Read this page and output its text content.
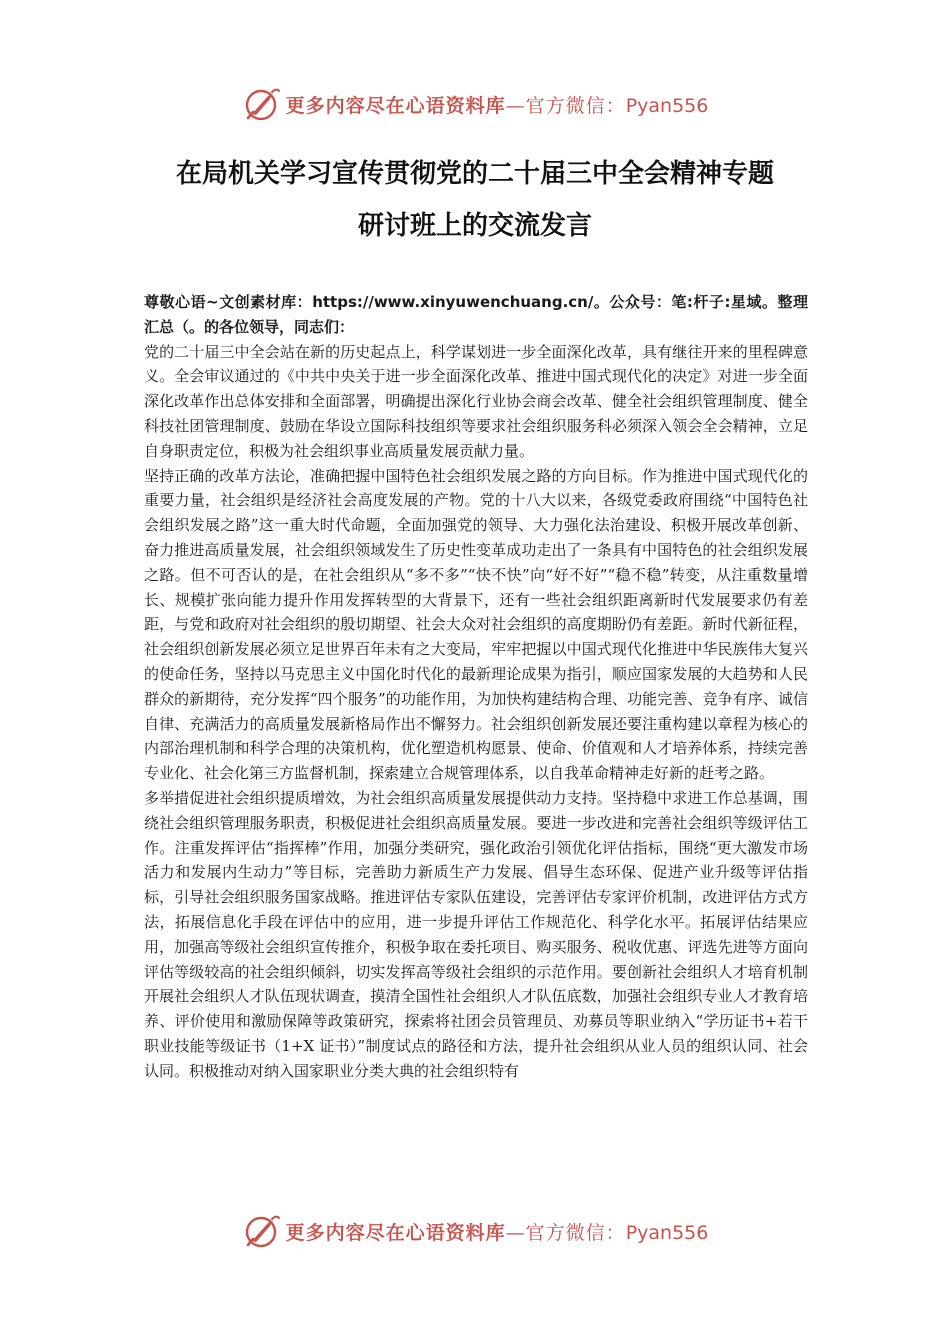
更多内容尽在心语资料库—官方微信：Pyan556
在局机关学习宣传贯彻党的二十届三中全会精神专题
研讨班上的交流发言

尊敬心语~文创素材库：https://www.xinyuwenchuang.cn/。公众号：笔:杆子:星域。整理汇总（。的各位领导，同志们：

党的二十届三中全会站在新的历史起点上，科学谋划进一步全面深化改革，具有继往开来的里程碑意义。全会审议通过的《中共中央关于进一步全面深化改革、推进中国式现代化的决定》对进一步全面深化改革作出总体安排和全面部署，明确提出深化行业协会商会改革、健全社会组织管理制度、健全科技社团管理制度、鼓励在华设立国际科技组织等要求社会组织服务科必须深入领会全会精神，立足自身职责定位，积极为社会组织事业高质量发展贡献力量。

坚持正确的改革方法论，准确把握中国特色社会组织发展之路的方向目标。作为推进中国式现代化的重要力量，社会组织是经济社会高度发展的产物。党的十八大以来，各级党委政府围绕“中国特色社会组织发展之路”这一重大时代命题，全面加强党的领导、大力强化法治建设、积极开展改革创新、奋力推进高质量发展，社会组织领域发生了历史性变革成功走出了一条具有中国特色的社会组织发展之路。但不可否认的是，在社会组织从“多不多”“快不快”向“好不好”“稳不稳”转变，从注重数量增长、规模扩张向能力提升作用发挥转型的大背景下，还有一些社会组织距离新时代发展要求仍有差距，与党和政府对社会组织的殷切期望、社会大众对社会组织的高度期盼仍有差距。新时代新征程，社会组织创新发展必须立足世界百年未有之大变局，牢牢把握以中国式现代化推进中华民族伟大复兴的使命任务，坚持以马克思主义中国化时代化的最新理论成果为指引，顺应国家发展的大趋势和人民群众的新期待，充分发挥“四个服务”的功能作用，为加快构建结构合理、功能完善、竞争有序、诚信自律、充满活力的高质量发展新格局作出不懈努力。社会组织创新发展还要注重构建以章程为核心的内部治理机制和科学合理的决策机构，优化塑造机构愿景、使命、价值观和人才培养体系，持续完善专业化、社会化第三方监督机制，探索建立合规管理体系，以自我革命精神走好新的赶考之路。

多举措促进社会组织提质增效，为社会组织高质量发展提供动力支持。坚持稳中求进工作总基调，围绕社会组织管理服务职责，积极促进社会组织高质量发展。要进一步改进和完善社会组织等级评估工作。注重发挥评估“指挥棒”作用，加强分类研究，强化政治引领优化评估指标，围绕“更大激发市场活力和发展内生动力”等目标，完善助力新质生产力发展、倡导生态环保、促进产业升级等评估指标，引导社会组织服务国家战略。推进评估专家队伍建设，完善评估专家评价机制，改进评估方式方法，拓展信息化手段在评估中的应用，进一步提升评估工作规范化、科学化水平。拓展评估结果应用，加强高等级社会组织宣传推介，积极争取在委托项目、购买服务、税收优惠、评选先进等方面向评估等级较高的社会组织倾斜，切实发挥高等级社会组织的示范作用。要创新社会组织人才培育机制开展社会组织人才队伍现状调查，摸清全国性社会组织人才队伍底数，加强社会组织专业人才教育培养、评价使用和激励保障等政策研究，探索将社团会员管理员、劝募员等职业纳入“学历证书+若干职业技能等级证书（1+X 证书）”制度试点的路径和方法，提升社会组织从业人员的组织认同、社会认同。积极推动对纳入国家职业分类大典的社会组织特有

更多内容尽在心语资料库—官方微信：Pyan556
